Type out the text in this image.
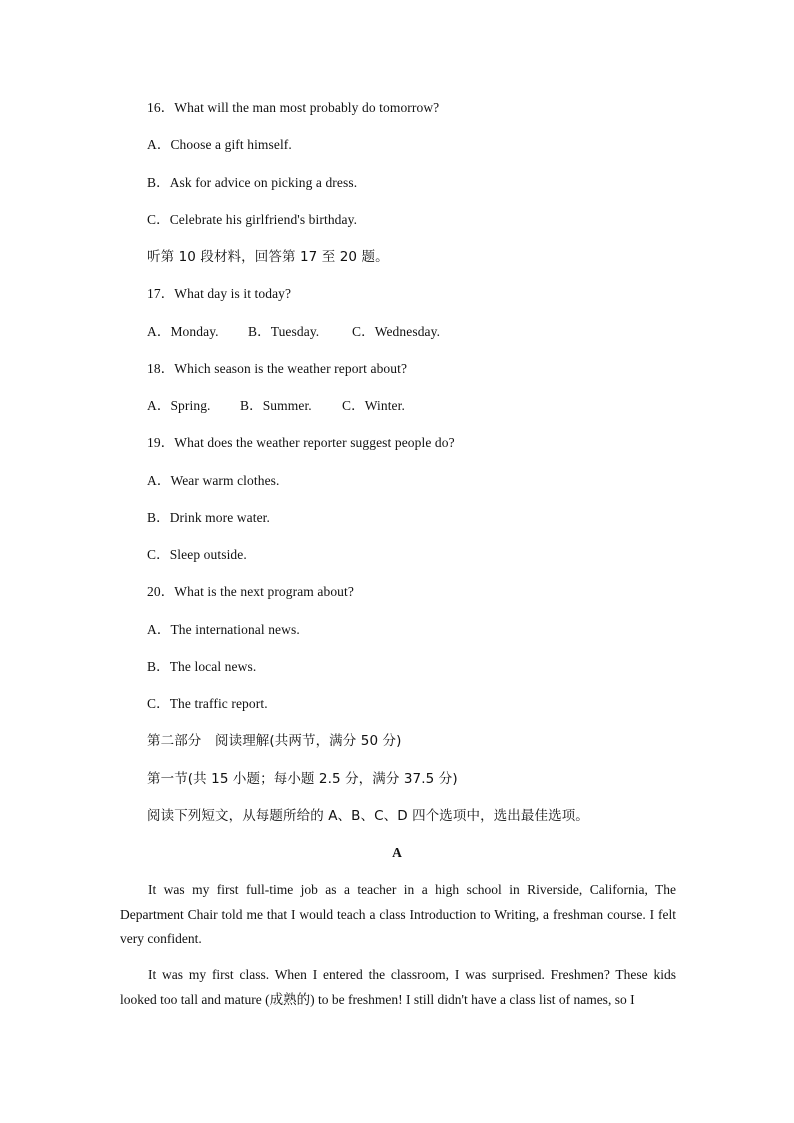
16．What will the man most probably do tomorrow?
A．Choose a gift himself.
B．Ask for advice on picking a dress.
C．Celebrate his girlfriend's birthday.
听第 10 段材料，回答第 17 至 20 题。
17．What day is it today?
A．Monday. B．Tuesday. C．Wednesday.
18．Which season is the weather report about?
A．Spring. B．Summer. C．Winter.
19．What does the weather reporter suggest people do?
A．Wear warm clothes.
B．Drink more water.
C．Sleep outside.
20．What is the next program about?
A．The international news.
B．The local news.
C．The traffic report.
第二部分　阅读理解(共两节，满分 50 分)
第一节(共 15 小题；每小题 2.5 分，满分 37.5 分)
阅读下列短文，从每题所给的 A、B、C、D 四个选项中，选出最佳选项。
A
It was my first full-time job as a teacher in a high school in Riverside, California, The Department Chair told me that I would teach a class Introduction to Writing, a freshman course. I felt very confident.
It was my first class. When I entered the classroom, I was surprised. Freshmen? These kids looked too tall and mature (成熟的) to be freshmen! I still didn't have a class list of names, so I
